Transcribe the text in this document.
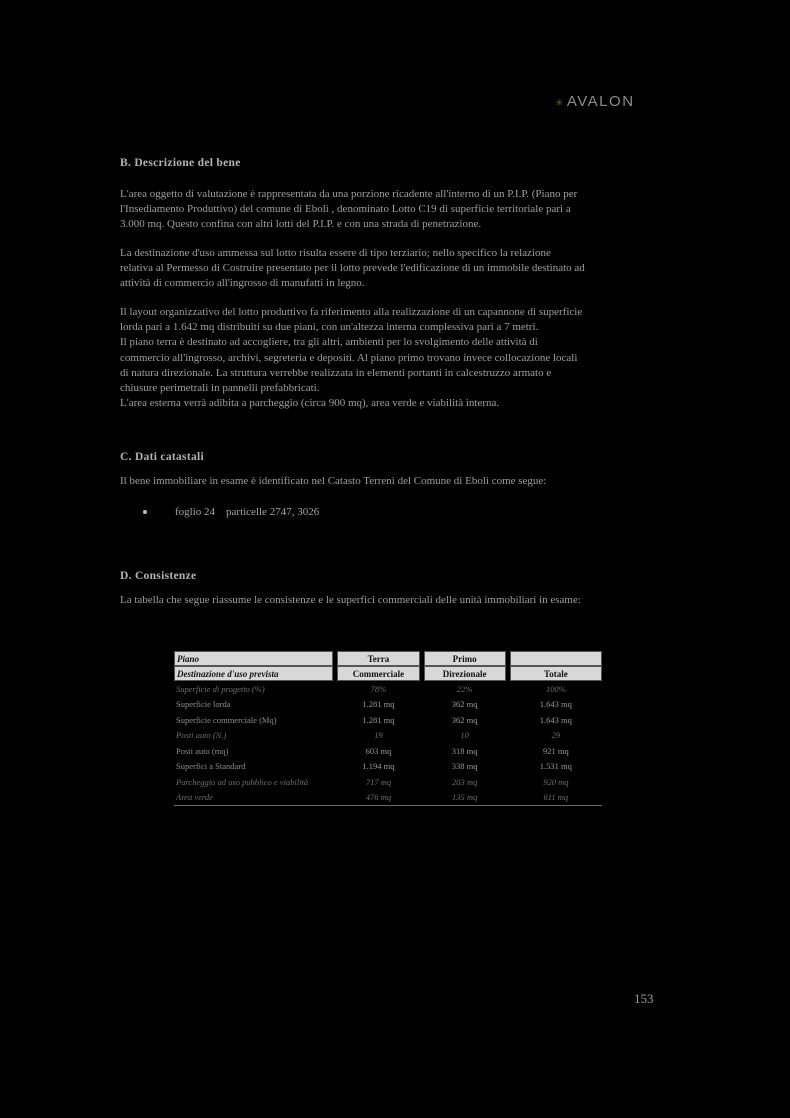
✳ AVALON
B. Descrizione del bene

L'area oggetto di valutazione è rappresentata da una porzione ricadente all'interno di un P.I.P. (Piano per
l'Insediamento Produttivo) del comune di Eboli , denominato Lotto C19 di superficie territoriale pari a
3.000 mq. Questo confina con altri lotti del P.I.P. e con una strada di penetrazione.

La destinazione d'uso ammessa sul lotto risulta essere di tipo terziario; nello specifico la relazione
relativa al Permesso di Costruire presentato per il lotto prevede l'edificazione di un immobile destinato ad
attività di commercio all'ingrosso di manufatti in legno.

Il layout organizzativo del lotto produttivo fa riferimento alla realizzazione di un capannone di superficie
lorda pari a 1.642 mq distribuiti su due piani, con un'altezza interna complessiva pari a 7 metri.
Il piano terra è destinato ad accogliere, tra gli altri, ambienti per lo svolgimento delle attività di
commercio all'ingrosso, archivi, segreteria e depositi. Al piano primo trovano invece collocazione locali
di natura direzionale. La struttura verrebbe realizzata in elementi portanti in calcestruzzo armato e
chiusure perimetrali in pannelli prefabbricati.
L'area esterna verrà adibita a parcheggio (circa 900 mq), area verde e viabilità interna.

C. Dati catastali

Il bene immobiliare in esame è identificato nel Catasto Terreni del Comune di Eboli come segue:

foglio 24    particelle 2747, 3026
D. Consistenze

La tabella che segue riassume le consistenze e le superfici commerciali delle unità immobiliari in esame:

Piano		Terra		Primo		
Destinazione d'uso prevista		Commerciale		Direzionale		Totale
Superficie di progetto (%)		78%		22%		100%
Superficie lorda		1.281 mq		362 mq		1.643 mq
Superficie commerciale (Mq)		1.281 mq		362 mq		1.643 mq
Posti auto (N.)		19		10		29
Posti auto (mq)		603 mq		318 mq		921 mq
Superfici a Standard		1.194 mq		338 mq		1.531 mq
Parcheggio ad uso pubblico e viabilità		717 mq		203 mq		920 mq
Area verde		476 mq		135 mq		611 mq
153
